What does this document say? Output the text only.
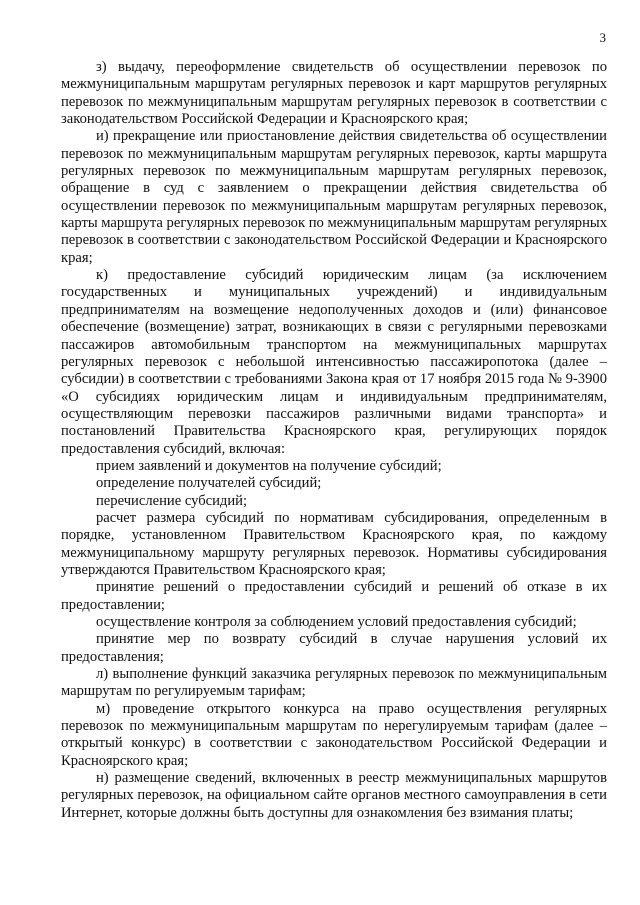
3

з) выдачу, переоформление свидетельств об осуществлении перевозок по межмуниципальным маршрутам регулярных перевозок и карт маршрутов регулярных перевозок по межмуниципальным маршрутам регулярных перевозок в соответствии с законодательством Российской Федерации и Красноярского края;

и) прекращение или приостановление действия свидетельства об осуществлении перевозок по межмуниципальным маршрутам регулярных перевозок, карты маршрута регулярных перевозок по межмуниципальным маршрутам регулярных перевозок, обращение в суд с заявлением о прекращении действия свидетельства об осуществлении перевозок по межмуниципальным маршрутам регулярных перевозок, карты маршрута регулярных перевозок по межмуниципальным маршрутам регулярных перевозок в соответствии с законодательством Российской Федерации и Красноярского края;

к) предоставление субсидий юридическим лицам (за исключением государственных и муниципальных учреждений) и индивидуальным предпринимателям на возмещение недополученных доходов и (или) финансовое обеспечение (возмещение) затрат, возникающих в связи с регулярными перевозками пассажиров автомобильным транспортом на межмуниципальных маршрутах регулярных перевозок с небольшой интенсивностью пассажиропотока (далее – субсидии) в соответствии с требованиями Закона края от 17 ноября 2015 года № 9-3900 «О субсидиях юридическим лицам и индивидуальным предпринимателям, осуществляющим перевозки пассажиров различными видами транспорта» и постановлений Правительства Красноярского края, регулирующих порядок предоставления субсидий, включая:

прием заявлений и документов на получение субсидий;

определение получателей субсидий;

перечисление субсидий;

расчет размера субсидий по нормативам субсидирования, определенным в порядке, установленном Правительством Красноярского края, по каждому межмуниципальному маршруту регулярных перевозок. Нормативы субсидирования утверждаются Правительством Красноярского края;

принятие решений о предоставлении субсидий и решений об отказе в их предоставлении;

осуществление контроля за соблюдением условий предоставления субсидий;

принятие мер по возврату субсидий в случае нарушения условий их предоставления;

л) выполнение функций заказчика регулярных перевозок по межмуниципальным маршрутам по регулируемым тарифам;

м) проведение открытого конкурса на право осуществления регулярных перевозок по межмуниципальным маршрутам по нерегулируемым тарифам (далее – открытый конкурс) в соответствии с законодательством Российской Федерации и Красноярского края;

н) размещение сведений, включенных в реестр межмуниципальных маршрутов регулярных перевозок, на официальном сайте органов местного самоуправления в сети Интернет, которые должны быть доступны для ознакомления без взимания платы;
